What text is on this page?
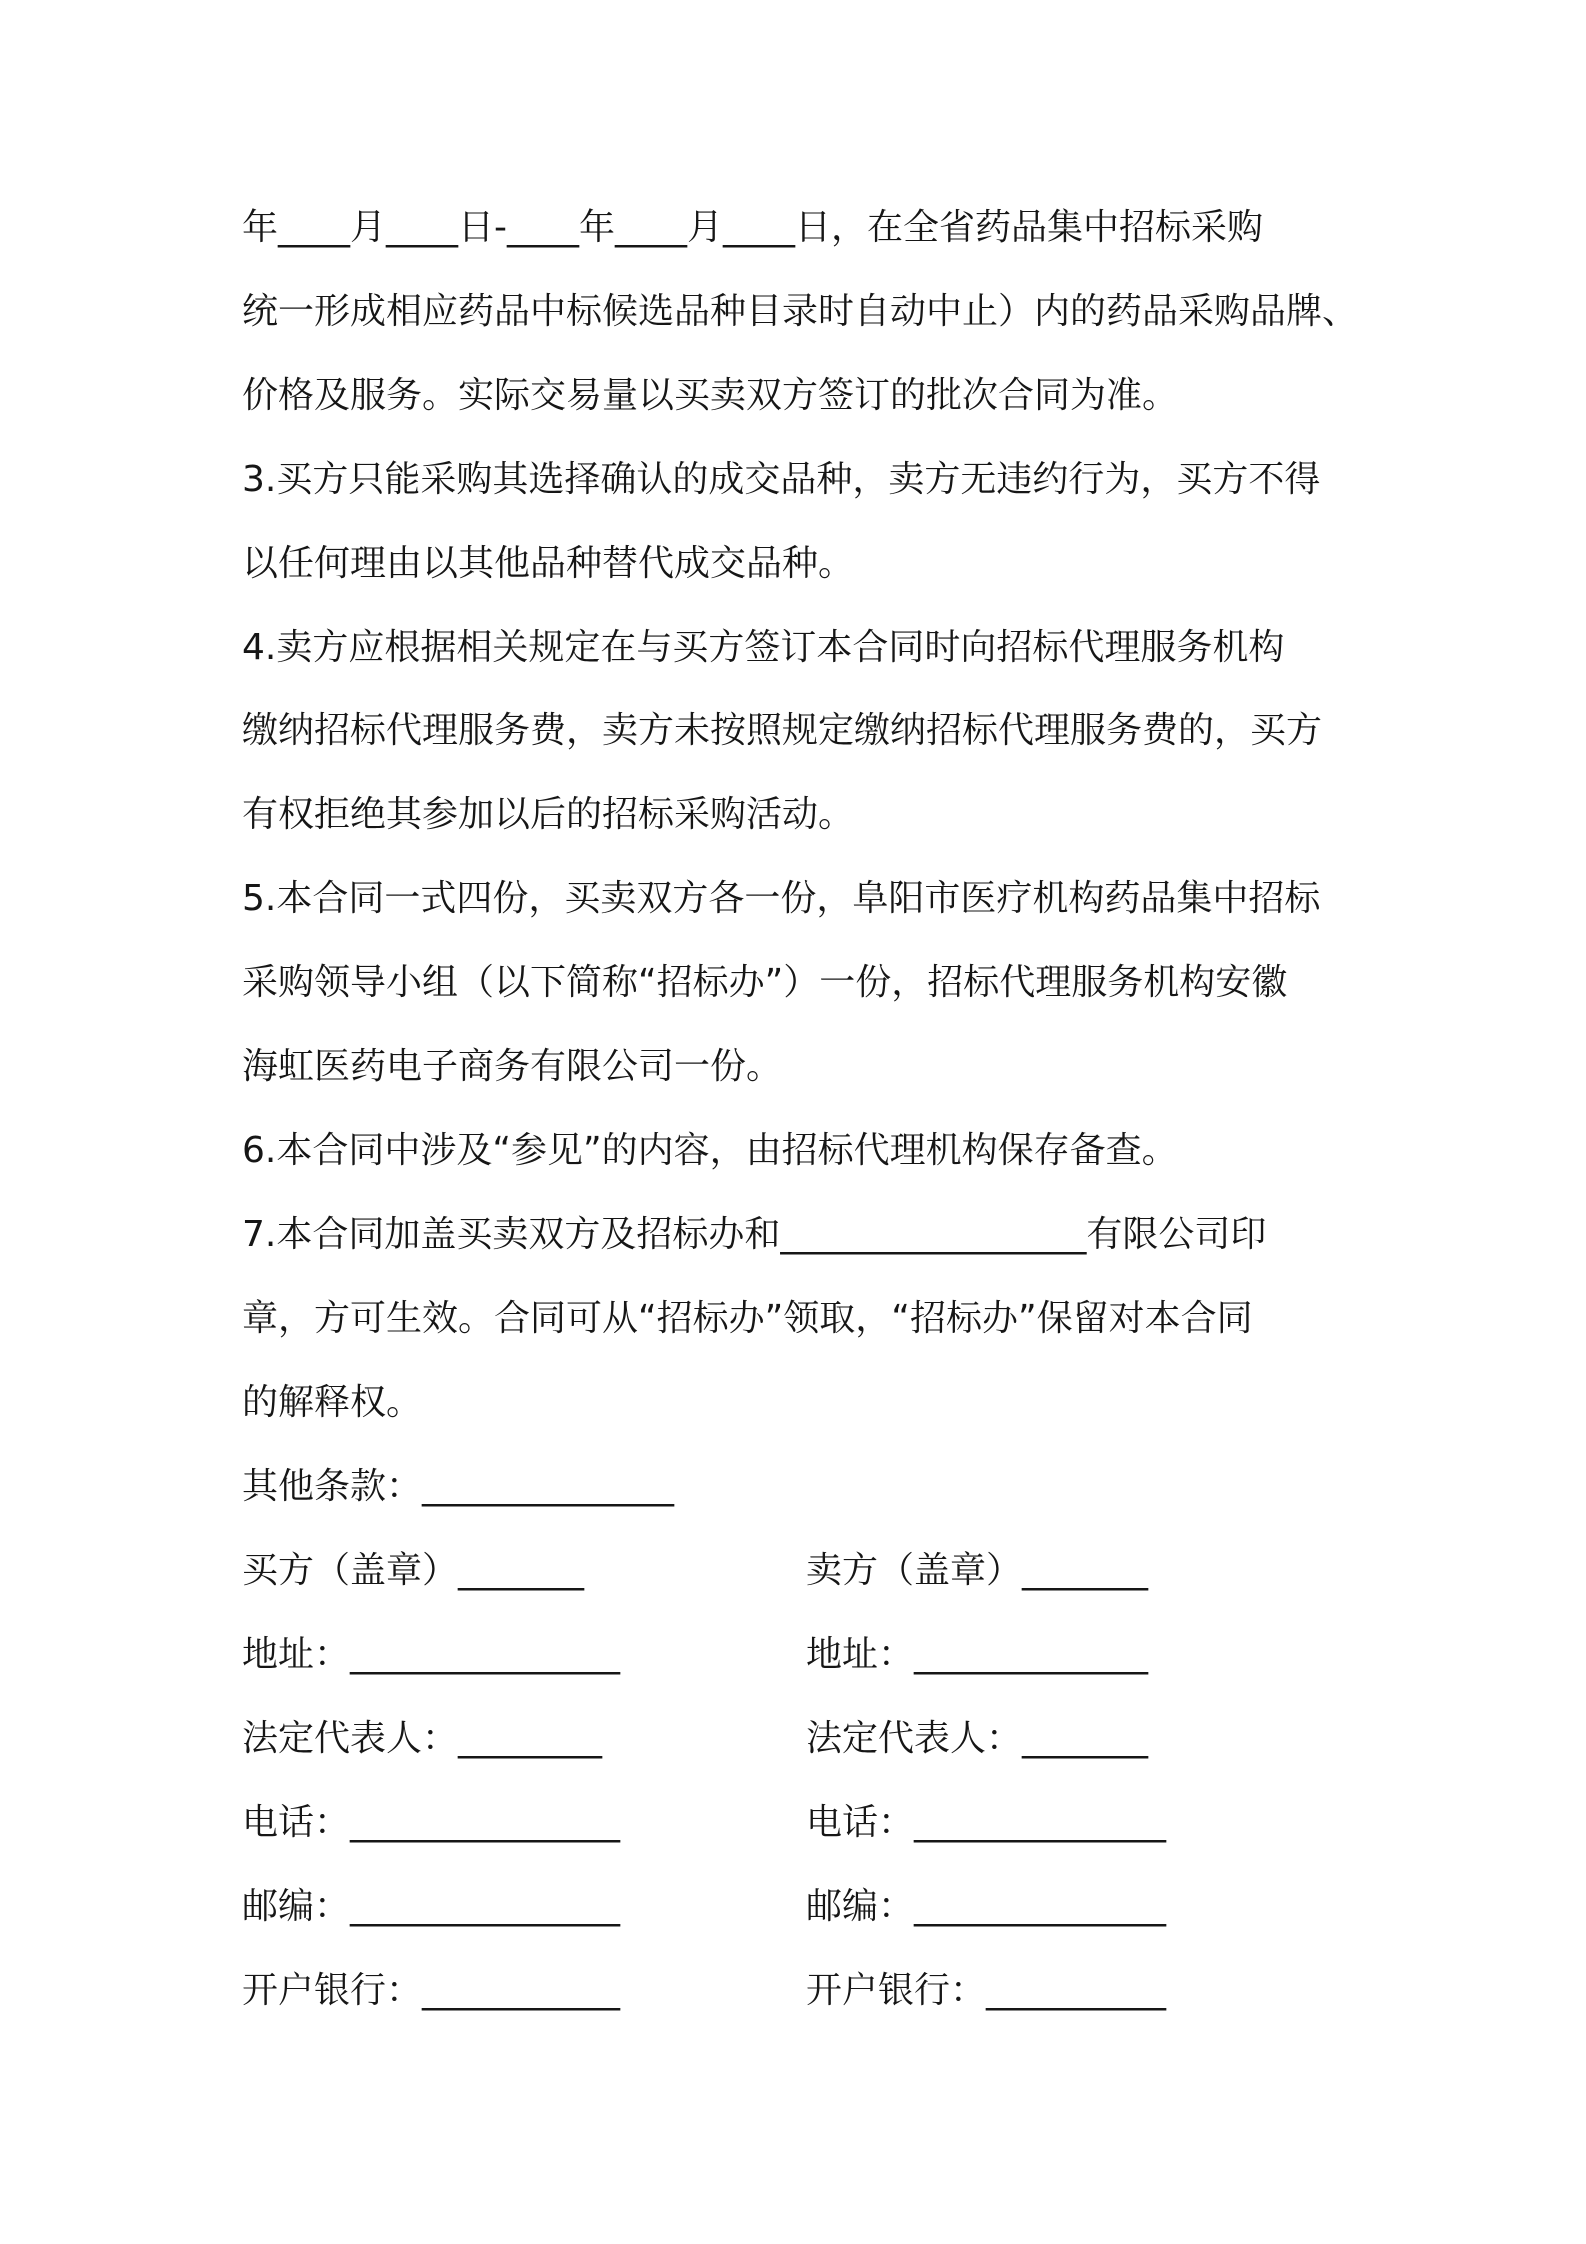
年____月____日-____年____月____日，在全省药品集中招标采购
统一形成相应药品中标候选品种目录时自动中止）内的药品采购品牌、
价格及服务。实际交易量以买卖双方签订的批次合同为准。
3.买方只能采购其选择确认的成交品种，卖方无违约行为，买方不得
以任何理由以其他品种替代成交品种。
4.卖方应根据相关规定在与买方签订本合同时向招标代理服务机构
缴纳招标代理服务费，卖方未按照规定缴纳招标代理服务费的，买方
有权拒绝其参加以后的招标采购活动。
5.本合同一式四份，买卖双方各一份，阜阳市医疗机构药品集中招标
采购领导小组（以下简称“招标办”）一份，招标代理服务机构安徽
海虹医药电子商务有限公司一份。
6.本合同中涉及“参见”的内容，由招标代理机构保存备查。
7.本合同加盖买卖双方及招标办和_________________有限公司印
章，方可生效。合同可从“招标办”领取，“招标办”保留对本合同
的解释权。
其他条款：______________
买方（盖章）_______
地址：_______________
法定代表人：________
电话：_______________
邮编：_______________
开户银行：___________
卖方（盖章）_______
地址：_____________
法定代表人：_______
电话：______________
邮编：______________
开户银行：__________
